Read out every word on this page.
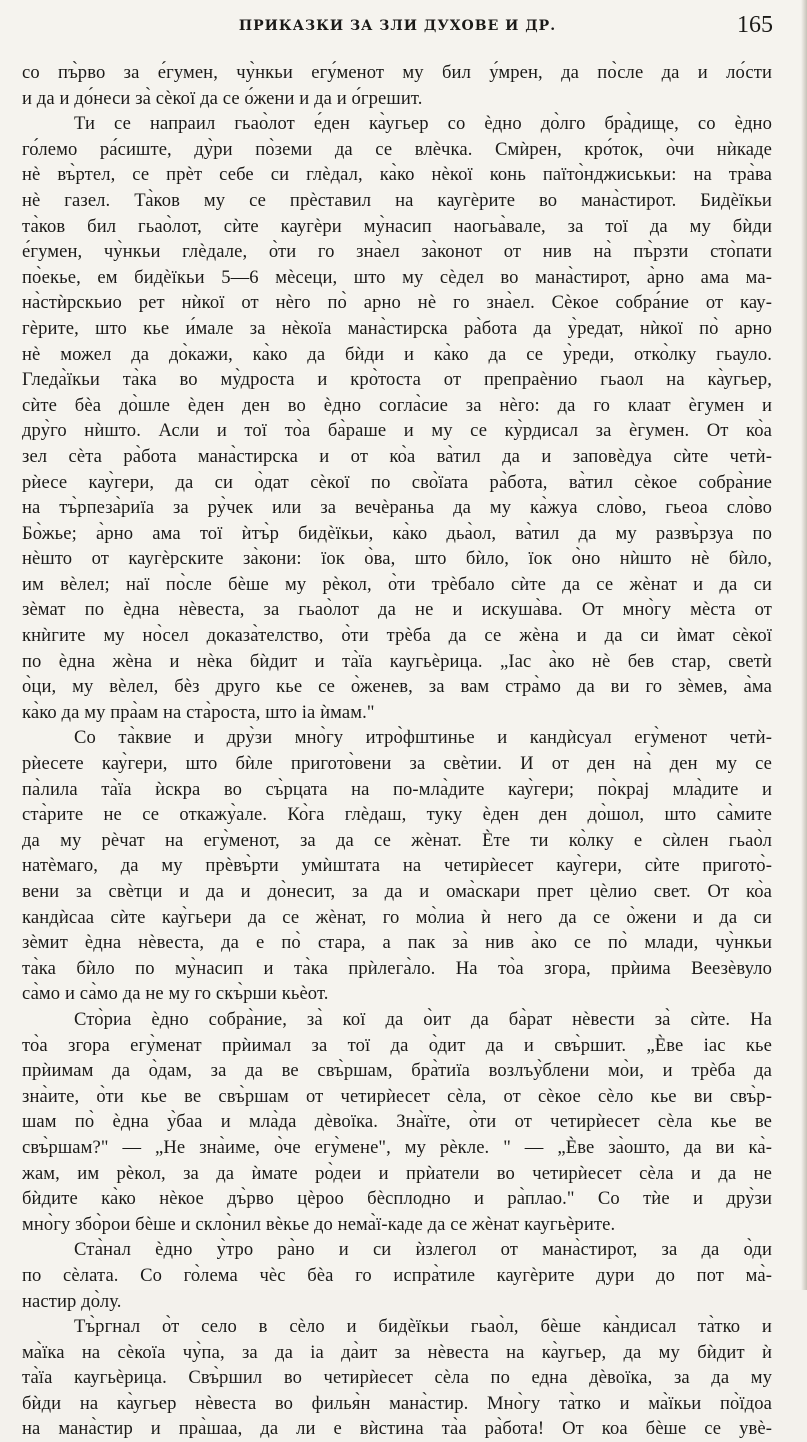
ПРИКАЗКИ ЗА ЗЛИ ДУХОВЕ И ДР.	165
со пъ̀рво за е́гумен, чу̀нкьи егу́менот му бил у́мрен, да по̀сле да и ло́сти
и да и до́неси за̀ сѐкої да се о́жени и да и о́грешит.
Ти се напраил гьао̀лот е́ден ка̀угьер со ѐдно до̀лго бра̀дище, со ѐдно
го́лемо ра́сиште, ду̀ри по̀земи да се влѐчка. Смѝрен, кро́ток, о̀чи нѝкаде
нѐ въ̀ртел, се прѐт себе си глѐдал, ка̀ко нѐкої конь паїто̀нджиськьи: на тра̀ва
нѐ газел. Та̀ков му се прѐставил на каугѐрите во мана̀стирот. Бидѐїкьи
та̀ков бил гьао̀лот, сѝте каугѐри му̀насип наогьа̀вале, за тої да му бѝди
е́гумен, чу̀нкьи глѐдале, о̀ти го зна̀ел за̀конот от нив на̀ пъ̀рзти сто̀пати
по̀екье, ем бидѐїкьи 5—6 мѐсеци, што му сѐдел во мана̀стирот, а̀рно ама ма-
на̀стѝрскьио рет нѝкої от нѐго по̀ арно нѐ го зна̀ел. Сѐкое собра́ние от кау-
гѐрите, што кье и́мале за нѐкоїа мана̀стирска ра̀бота да у̀редат, нѝкої по̀ арно
нѐ можел да до̀кажи, ка̀ко да бѝди и ка̀ко да се у̀реди, отко̀лку гьауло.
Гледа̀їкьи та̀ка во му̀дроста и кро̀тоста от препраѐнио гьаол на ка̀угьер,
сѝте бѐа до̀шле ѐден ден во ѐдно согла̀сие за нѐго: да го клаат ѐгумен и
дру̀го нѝшто. Асли и тої то̀а ба̀раше и му се ку̀рдисал за ѐгумен. От ко̀а
зел сѐта ра̀бота мана̀стирска и от ко̀а ва̀тил да и заповѐдуа сѝте четѝ-
рѝесе кау̀гери, да си о̀дат сѐкої по сво̀їата ра̀бота, ва̀тил сѐкое собра̀ние
на тъ̀рпеза̀риїа за ру̀чек или за вечѐраньа да му ка̀жуа сло̀во, гьеоа сло̀во
Бо̀жье; а̀рно ама тої ѝтъ̀р бидѐїкьи, ка̀ко дьа̀ол, ва̀тил да му развъ̀рзуа по
нѐшто от каугѐрските за̀кони: їок о̀ва, што бѝло, їок о̀но нѝшто нѐ бѝло,
им вѐлел; наї по̀сле бѐше му рѐкол, о̀ти трѐбало сѝте да се жѐнат и да си
зѐмат по ѐдна нѐвеста, за гьао̀лот да не и искуша̀ва. От мно̀гу мѐста от
кнѝгите му но̀сел доказа̀телство, о̀ти трѐба да се жѐна и да си ѝмат сѐкої
по ѐдна жѐна и нѐка бѝдит и та̀їа каугьѐрица. „Іас а̀ко нѐ бев стар, светѝ
о̀ци, му вѐлел, бѐз друго кье се о̀женев, за вам стра̀мо да ви го зѐмев, а̀ма
ка̀ко да му пра̀ам на ста̀роста, што іа ѝмам."
Со та̀квие и дру̀зи мно̀гу итро̀фштинье и кандѝсуал егу̀менот четѝ-
рѝесете кау̀гери, што бѝле пригото̀вени за свѐтии. И от ден на̀ ден му се
па̀лила та̀їа ѝскра во съ̀рцата на по-мла̀дите кау̀гери; по̀крај мла̀дите и
ста̀рите не се откажу̀але. Ко̀га глѐдаш, туку ѐден ден до̀шол, што са̀мите
да му рѐчат на егу̀менот, за да се жѐнат. Ѐте ти ко̀лку е сѝлен гьао̀л
натѐмаго, да му прѐвъ̀рти умѝштата на четирѝесет кау̀гери, сѝте пригото̀-
вени за свѐтци и да и до̀несит, за да и ома̀скари прет цѐлио свет. От ко̀а
кандѝсаа сѝте кау̀гьери да се жѐнат, го мо̀лиа ѝ него да се о̀жени и да си
зѐмит ѐдна нѐвеста, да е по̀ стара, а пак за̀ нив а̀ко се по̀ млади, чу̀нкьи
та̀ка бѝло по му̀насип и та̀ка прѝлега̀ло. На то̀а згора, прѝима Веезѐвуло
са̀мо и са̀мо да не му го скъ̀рши кьѐот.
Сто̀риа ѐдно собра̀ние, за̀ кої да о̀ит да ба̀рат нѐвести за̀ сѝте. На
то̀а згора егу̀менат прѝимал за тої да о̀дит да и свъ̀ршит. „Ѐве іас кье
прѝимам да о̀дам, за да ве свъ̀ршам, бра̀тиїа возлъу̀блени мо̀и, и трѐба да
зна̀ите, о̀ти кье ве свъ̀ршам от четирѝесет сѐла, от сѐкое сѐло кье ви свъ̀р-
шам по̀ ѐдна у̀баа и мла̀да дѐвоїка. Зна̀їте, о̀ти от четирѝесет сѐла кье ве
свъ̀ршам?" — „Не зна̀име, о̀че егу̀мене", му рѐкле. " — „Ѐве за̀ошто, да ви ка̀-
жам, им рѐкол, за да ѝмате ро̀деи и прѝатели во четирѝесет сѐла и да не
бѝдите ка̀ко нѐкое дъ̀рво цѐроо бѐсплодно и ра̀плао." Со тѝе и дру̀зи
мно̀гу збо̀рои бѐше и скло̀нил вѐкье до нема̀ї-каде да се жѐнат каугьѐрите.
Ста̀нал ѐдно у̀тро ра̀но и си ѝзлегол от мана̀стирот, за да о̀ди
по сѐлата. Со го̀лема чѐс бѐа го испра̀тиле каугѐрите дури до пот ма̀-
настир до̀лу.
Тъ̀ргнал о̀т село в сѐло и бидѐїкьи гьао̀л, бѐше ка̀ндисал та̀тко и
ма̀їка на сѐкоїа чу̀па, за да іа да̀ит за нѐвеста на ка̀угьер, да му бѝдит ѝ
та̀їа каугьѐрица. Свъ̀ршил во четирѝесет сѐла по една дѐвоїка, за да му
бѝди на ка̀угьер нѐвеста во филья̀н мана̀стир. Мно̀гу та̀тко и ма̀їкьи по̀їдоа
на мана̀стир и пра̀шаа, да ли е вѝстина та̀а ра̀бота! От коа бѐше се увѐ-
